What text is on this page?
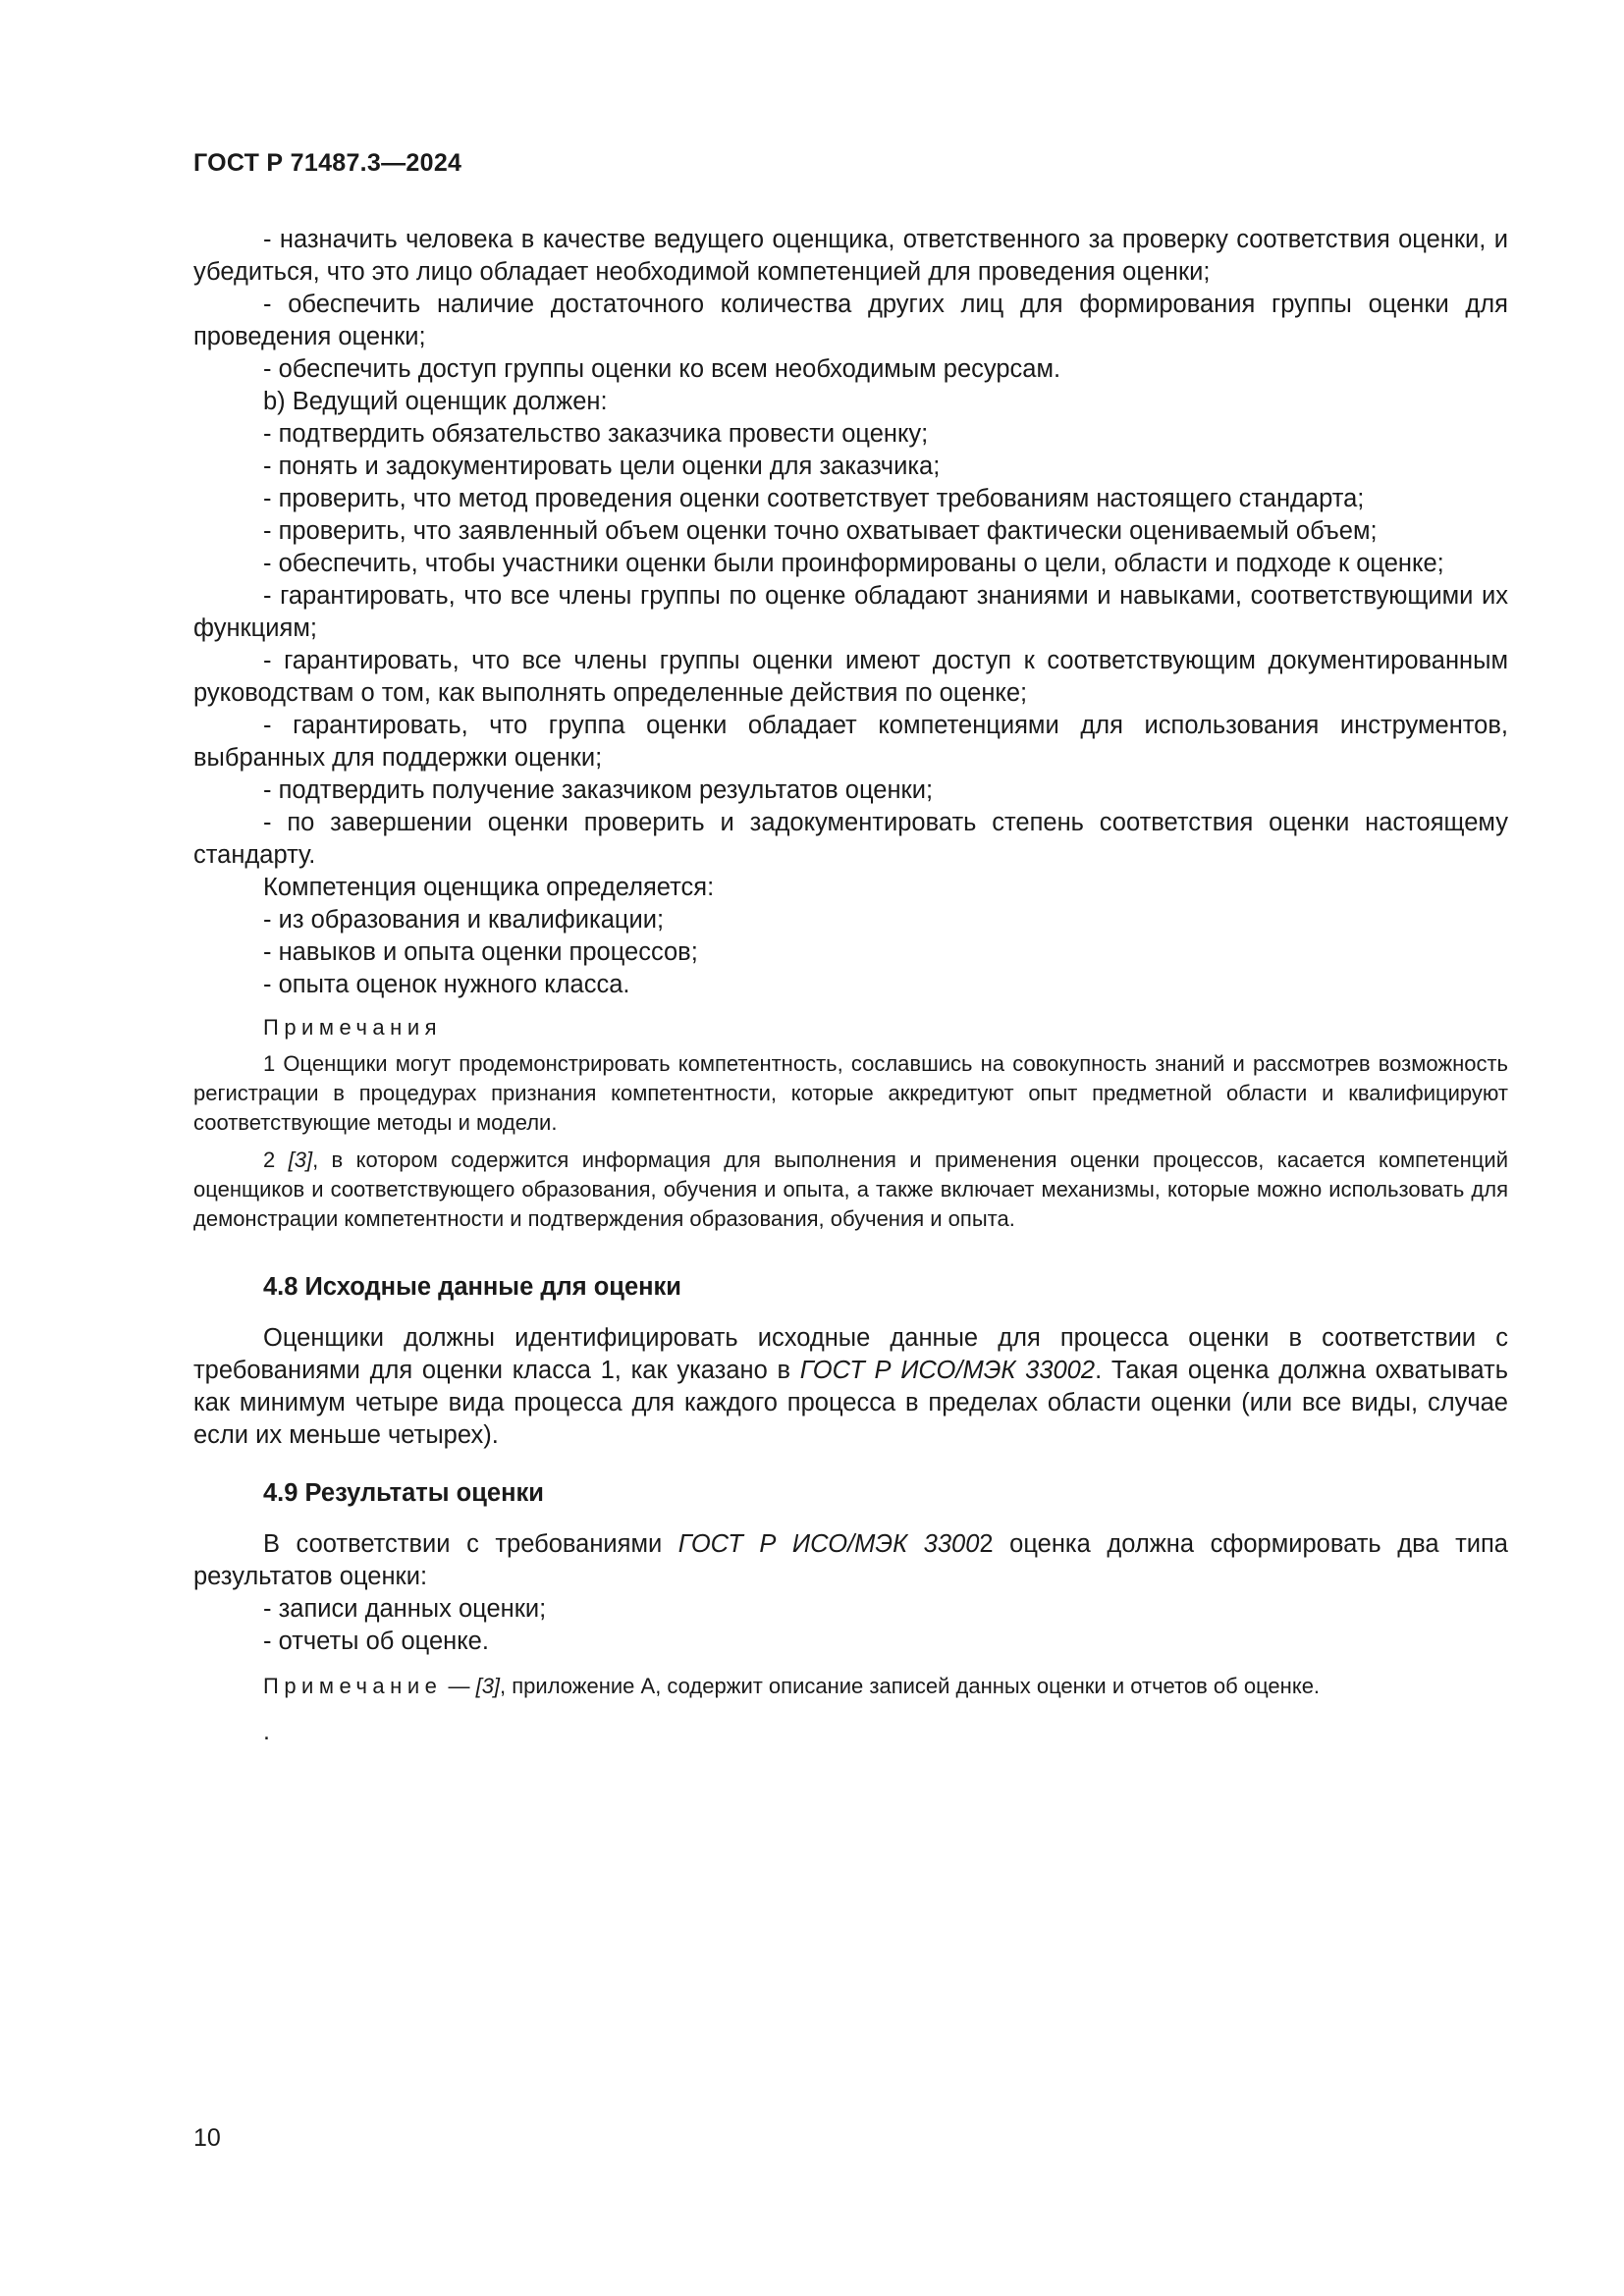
ГОСТ Р 71487.3—2024

- назначить человека в качестве ведущего оценщика, ответственного за проверку соответствия оценки, и убедиться, что это лицо обладает необходимой компетенцией для проведения оценки;

- обеспечить наличие достаточного количества других лиц для формирования группы оценки для проведения оценки;

- обеспечить доступ группы оценки ко всем необходимым ресурсам.

b) Ведущий оценщик должен:

- подтвердить обязательство заказчика провести оценку;

- понять и задокументировать цели оценки для заказчика;

- проверить, что метод проведения оценки соответствует требованиям настоящего стандарта;

- проверить, что заявленный объем оценки точно охватывает фактически оцениваемый объем;

- обеспечить, чтобы участники оценки были проинформированы о цели, области и подходе к оценке;

- гарантировать, что все члены группы по оценке обладают знаниями и навыками, соответствующими их функциям;

- гарантировать, что все члены группы оценки имеют доступ к соответствующим документированным руководствам о том, как выполнять определенные действия по оценке;

- гарантировать, что группа оценки обладает компетенциями для использования инструментов, выбранных для поддержки оценки;

- подтвердить получение заказчиком результатов оценки;

- по завершении оценки проверить и задокументировать степень соответствия оценки настоящему стандарту.

Компетенция оценщика определяется:

- из образования и квалификации;

- навыков и опыта оценки процессов;

- опыта оценок нужного класса.

Примечания

1 Оценщики могут продемонстрировать компетентность, сославшись на совокупность знаний и рассмотрев возможность регистрации в процедурах признания компетентности, которые аккредитуют опыт предметной области и квалифицируют соответствующие методы и модели.

2 [3], в котором содержится информация для выполнения и применения оценки процессов, касается компетенций оценщиков и соответствующего образования, обучения и опыта, а также включает механизмы, которые можно использовать для демонстрации компетентности и подтверждения образования, обучения и опыта.

4.8 Исходные данные для оценки

Оценщики должны идентифицировать исходные данные для процесса оценки в соответствии с требованиями для оценки класса 1, как указано в ГОСТ Р ИСО/МЭК 33002. Такая оценка должна охватывать как минимум четыре вида процесса для каждого процесса в пределах области оценки (или все виды, случае если их меньше четырех).

4.9 Результаты оценки

В соответствии с требованиями ГОСТ Р ИСО/МЭК 33002 оценка должна сформировать два типа результатов оценки:

- записи данных оценки;

- отчеты об оценке.

Примечание — [3], приложение А, содержит описание записей данных оценки и отчетов об оценке.

.
10
